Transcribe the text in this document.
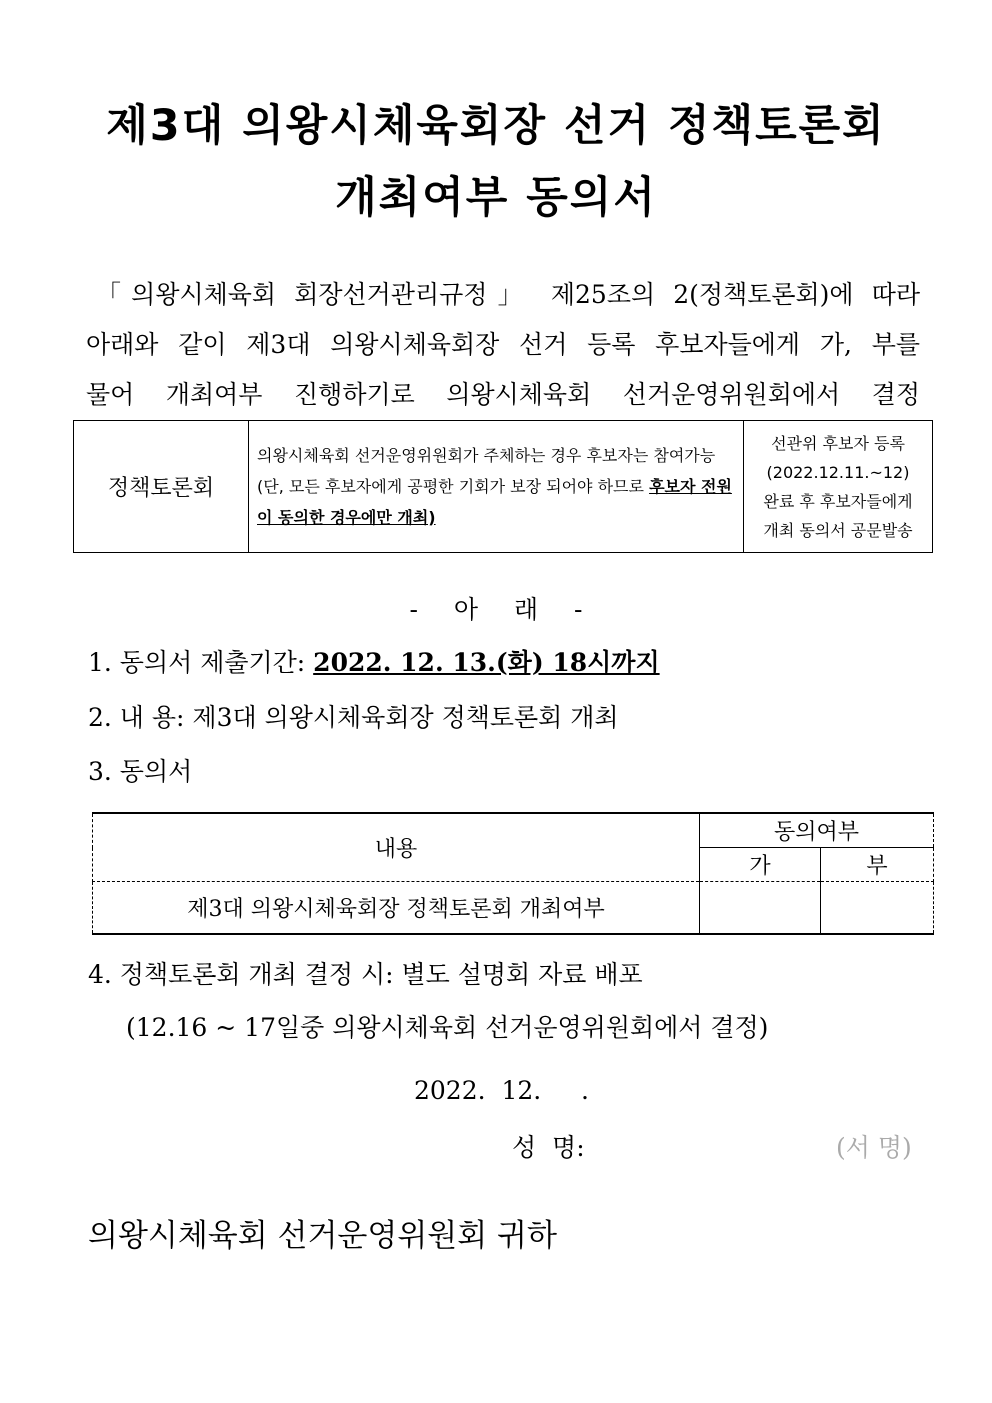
제3대 의왕시체육회장 선거 정책토론회
개최여부 동의서
「의왕시체육회 회장선거관리규정」 제25조의 2(정책토론회)에 따라
아래와 같이 제3대 의왕시체육회장 선거 등록 후보자들에게 가, 부를
물어 개최여부 진행하기로 의왕시체육회 선거운영위원회에서 결정
정책토론회	의왕시체육회 선거운영위원회가 주체하는 경우 후보자는 참여가능(단, 모든 후보자에게 공평한 기회가 보장 되어야 하므로 후보자 전원이 동의한 경우에만 개최)	
선관위 후보자 등록
(2022.12.11.~12)
완료 후 후보자들에게
개최 동의서 공문발송
- 아 래 -
1. 동의서 제출기간: 2022. 12. 13.(화) 18시까지
2. 내 용: 제3대 의왕시체육회장 정책토론회 개최
3. 동의서
내용	동의여부	
	가	부
제3대 의왕시체육회장 정책토론회 개최여부		
4. 정책토론회 개최 결정 시: 별도 설명회 자료 배포
(12.16 ~ 17일중 의왕시체육회 선거운영위원회에서 결정)
2022.  12.     .
성  명:	(서 명)
의왕시체육회 선거운영위원회 귀하
